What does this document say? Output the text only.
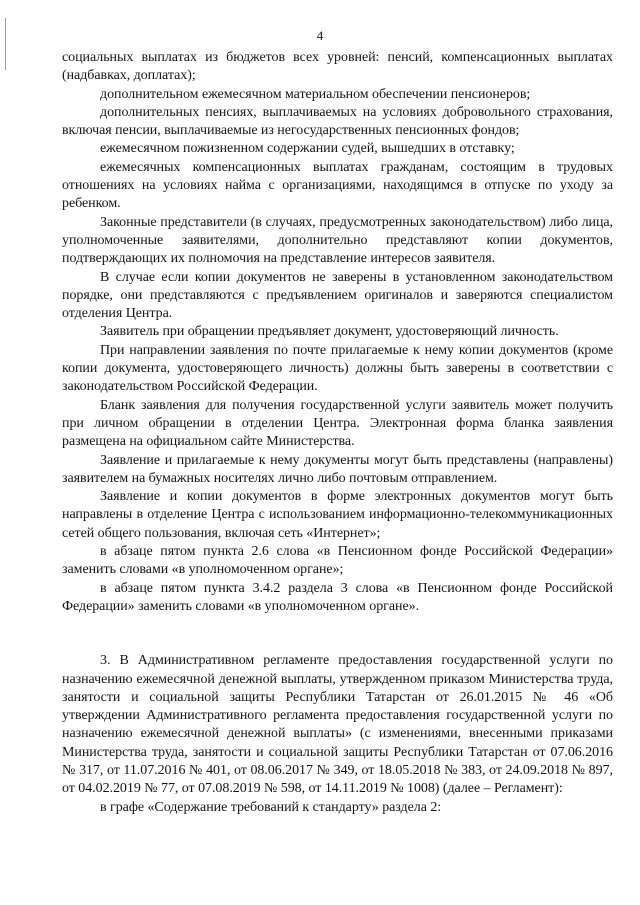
4

социальных выплатах из бюджетов всех уровней: пенсий, компенсационных выплатах (надбавках, доплатах);

дополнительном ежемесячном материальном обеспечении пенсионеров;

дополнительных пенсиях, выплачиваемых на условиях добровольного страхования, включая пенсии, выплачиваемые из негосударственных пенсионных фондов;

ежемесячном пожизненном содержании судей, вышедших в отставку;

ежемесячных компенсационных выплатах гражданам, состоящим в трудовых отношениях на условиях найма с организациями, находящимся в отпуске по уходу за ребенком.

Законные представители (в случаях, предусмотренных законодательством) либо лица, уполномоченные заявителями, дополнительно представляют копии документов, подтверждающих их полномочия на представление интересов заявителя.

В случае если копии документов не заверены в установленном законодательством порядке, они представляются с предъявлением оригиналов и заверяются специалистом отделения Центра.

Заявитель при обращении предъявляет документ, удостоверяющий личность.

При направлении заявления по почте прилагаемые к нему копии документов (кроме копии документа, удостоверяющего личность) должны быть заверены в соответствии с законодательством Российской Федерации.

Бланк заявления для получения государственной услуги заявитель может получить при личном обращении в отделении Центра. Электронная форма бланка заявления размещена на официальном сайте Министерства.

Заявление и прилагаемые к нему документы могут быть представлены (направлены) заявителем на бумажных носителях лично либо почтовым отправлением.

Заявление и копии документов в форме электронных документов могут быть направлены в отделение Центра с использованием информационно-телекоммуникационных сетей общего пользования, включая сеть «Интернет»;

в абзаце пятом пункта 2.6 слова «в Пенсионном фонде Российской Федерации» заменить словами «в уполномоченном органе»;

в абзаце пятом пункта 3.4.2 раздела 3 слова «в Пенсионном фонде Российской Федерации» заменить словами «в уполномоченном органе».

3. В Административном регламенте предоставления государственной услуги по назначению ежемесячной денежной выплаты, утвержденном приказом Министерства труда, занятости и социальной защиты Республики Татарстан от 26.01.2015 № 46 «Об утверждении Административного регламента предоставления государственной услуги по назначению ежемесячной денежной выплаты» (с изменениями, внесенными приказами Министерства труда, занятости и социальной защиты Республики Татарстан от 07.06.2016 № 317, от 11.07.2016 № 401, от 08.06.2017 № 349, от 18.05.2018 № 383, от 24.09.2018 № 897, от 04.02.2019 № 77, от 07.08.2019 № 598, от 14.11.2019 № 1008) (далее – Регламент):

в графе «Содержание требований к стандарту» раздела 2:
